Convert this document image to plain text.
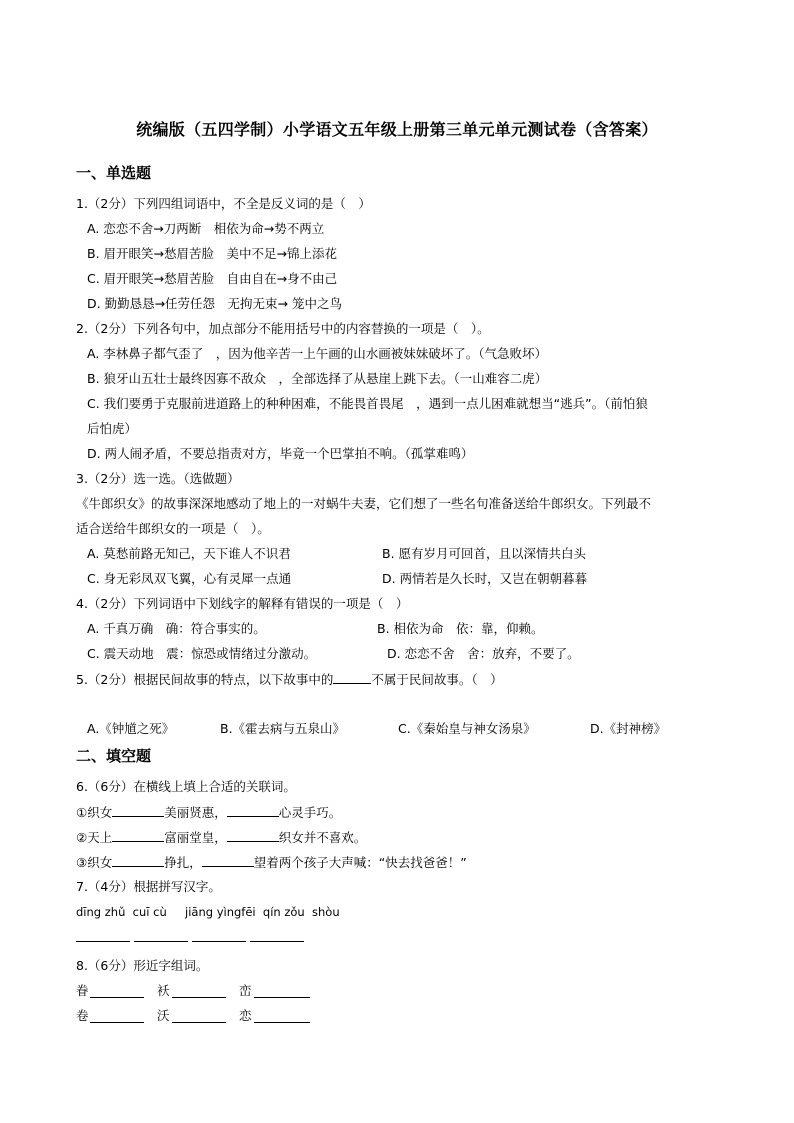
统编版（五四学制）小学语文五年级上册第三单元单元测试卷（含答案）
一、单选题
1.（2分）下列四组词语中，不全是反义词的是（　）
A. 恋恋不舍→刀两断　相依为命→势不两立
B. 眉开眼笑→愁眉苦脸　美中不足→锦上添花
C. 眉开眼笑→愁眉苦脸　自由自在→身不由己
D. 勤勤恳恳→任劳任怨　无拘无束→ 笼中之鸟
2.（2分）下列各句中，加点部分不能用括号中的内容替换的一项是（　）。
A. 李林鼻子都气歪了　，因为他辛苦一上午画的山水画被妹妹破坏了。（气急败坏）
B. 狼牙山五壮士最终因寡不敌众　，全部选择了从悬崖上跳下去。（一山难容二虎）
C. 我们要勇于克服前进道路上的种种困难，不能畏首畏尾　，遇到一点儿困难就想当“逃兵”。（前怕狼
后怕虎）
D. 两人闹矛盾，不要总指责对方，毕竟一个巴掌拍不响。（孤掌难鸣）
3.（2分）选一选。（选做题）
《牛郎织女》的故事深深地感动了地上的一对蜗牛夫妻，它们想了一些名句准备送给牛郎织女。下列最不
适合送给牛郎织女的一项是（　）。
A. 莫愁前路无知己，天下谁人不识君	B. 愿有岁月可回首，且以深情共白头
C. 身无彩凤双飞翼，心有灵犀一点通	D. 两情若是久长时，又岂在朝朝暮暮
4.（2分）下列词语中下划线字的解释有错误的一项是（　）
A. 千真万确　确：符合事实的。	B. 相依为命　依：靠，仰赖。
C. 震天动地　震：惊恐或情绪过分激动。	D. 恋恋不舍　舍：放弃，不要了。
5.（2分）根据民间故事的特点，以下故事中的	不属于民间故事。（　）
A.《钟馗之死》	B.《霍去病与五泉山》	C.《秦始皇与神女汤泉》	D.《封神榜》
二、填空题
6.（6分）在横线上填上合适的关联词。
①织女	美丽贤惠，	心灵手巧。
②天上	富丽堂皇，	织女并不喜欢。
③织女	挣扎，	望着两个孩子大声喊：“快去找爸爸！”
7.（4分）根据拼写汉字。
dīng zhǔ  cuī cù     jiāng yìngfēi  qín zǒu  shòu

8.（6分）形近字组词。
眷	袄	峦
卷	沃	恋
